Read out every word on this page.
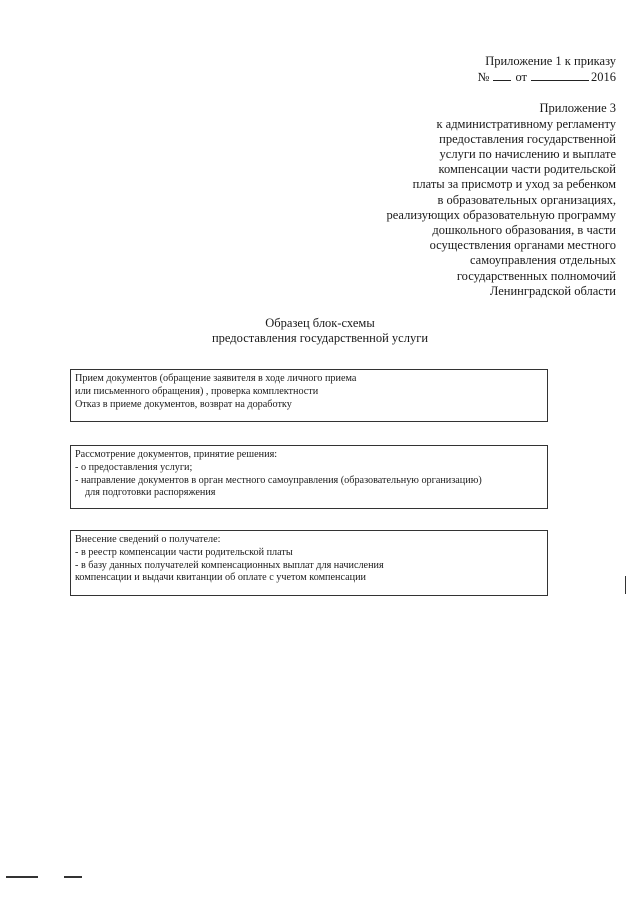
Приложение 1 к приказу
№ от	2016
Приложение 3
к административному регламенту
предоставления государственной
услуги по начислению и выплате
компенсации части родительской
платы за присмотр и уход за ребенком
в образовательных организациях,
реализующих образовательную программу
дошкольного образования, в части
осуществления органами местного
самоуправления отдельных
государственных полномочий
Ленинградской области
Образец блок-схемы
предоставления государственной услуги
Прием документов (обращение заявителя в ходе личного приема
или письменного обращения) , проверка комплектности
Отказ в приеме документов, возврат на доработку
Рассмотрение документов, принятие решения:
- о предоставления услуги;
- направление документов в орган местного самоуправления (образовательную организацию)
для подготовки распоряжения
Внесение сведений о получателе:
- в реестр компенсации части родительской платы
- в базу данных получателей компенсационных выплат для начисления
компенсации и выдачи квитанции об оплате с учетом компенсации
